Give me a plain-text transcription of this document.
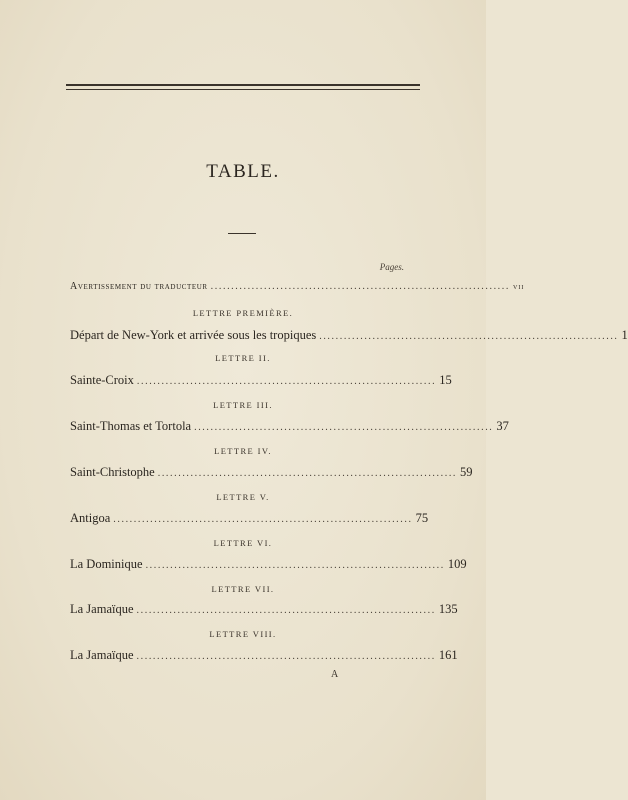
TABLE.
Pages.
Avertissement du traducteur ......................................................................... vii
LETTRE PREMIÈRE.
Départ de New-York et arrivée sous les tropiques ......................................................................... 1
LETTRE II.
Sainte-Croix ......................................................................... 15
LETTRE III.
Saint-Thomas et Tortola ......................................................................... 37
LETTRE IV.
Saint-Christophe ......................................................................... 59
LETTRE V.
Antigoa ......................................................................... 75
LETTRE VI.
La Dominique ......................................................................... 109
LETTRE VII.
La Jamaïque ......................................................................... 135
LETTRE VIII.
La Jamaïque ......................................................................... 161
A
